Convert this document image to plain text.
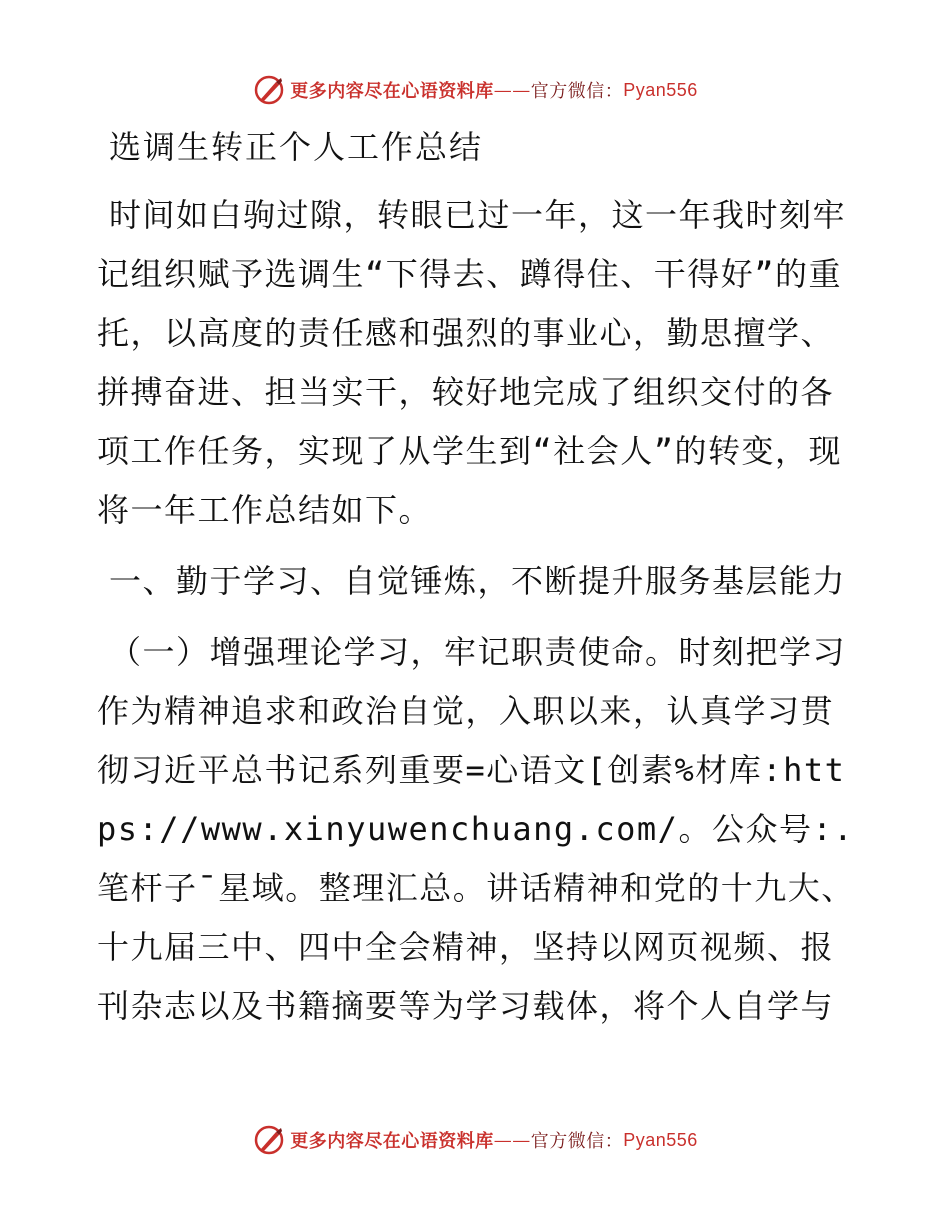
更多内容尽在心语资料库 —— 官方微信： Pyan556
选调生转正个人工作总结

时间如白驹过隙，转眼已过一年，这一年我时刻牢记组织赋予选调生“下得去、蹲得住、干得好”的重托，以高度的责任感和强烈的事业心，勤思擅学、拼搏奋进、担当实干，较好地完成了组织交付的各项工作任务，实现了从学生到“社会人”的转变，现将一年工作总结如下。

一、勤于学习、自觉锤炼，不断提升服务基层能力

（一）增强理论学习，牢记职责使命。时刻把学习作为精神追求和政治自觉，入职以来，认真学习贯彻习近平总书记系列重要=心语文[创素%材库:https://www.xinyuwenchuang.com/。公众号:.笔杆子¯星域。整理汇总。讲话精神和党的十九大、十九届三中、四中全会精神，坚持以网页视频、报刊杂志以及书籍摘要等为学习载体，将个人自学与

更多内容尽在心语资料库 —— 官方微信： Pyan556
